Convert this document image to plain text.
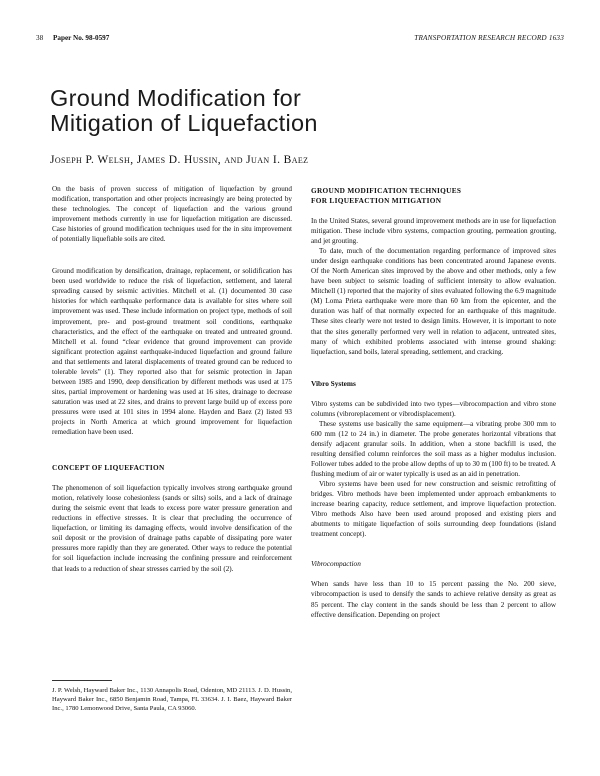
38 Paper No. 98-0597	TRANSPORTATION RESEARCH RECORD 1633
Ground Modification for
Mitigation of Liquefaction
Joseph P. Welsh, James D. Hussin, and Juan I. Baez

On the basis of proven success of mitigation of liquefaction by ground modification, transportation and other projects increasingly are being protected by these technologies. The concept of liquefaction and the various ground improvement methods currently in use for liquefaction mitigation are discussed. Case histories of ground modification techniques used for the in situ improvement of potentially liquefiable soils are cited.

Ground modification by densification, drainage, replacement, or solidification has been used worldwide to reduce the risk of liquefaction, settlement, and lateral spreading caused by seismic activities. Mitchell et al. (1) documented 30 case histories for which earthquake performance data is available for sites where soil improvement was used. These include information on project type, methods of soil improvement, pre- and post-ground treatment soil conditions, earthquake characteristics, and the effect of the earthquake on treated and untreated ground. Mitchell et al. found “clear evidence that ground improvement can provide significant protection against earthquake-induced liquefaction and ground failure and that settlements and lateral displacements of treated ground can be reduced to tolerable levels” (1). They reported also that for seismic protection in Japan between 1985 and 1990, deep densification by different methods was used at 175 sites, partial improvement or hardening was used at 16 sites, drainage to decrease saturation was used at 22 sites, and drains to prevent large build up of excess pore pressures were used at 101 sites in 1994 alone. Hayden and Baez (2) listed 93 projects in North America at which ground improvement for liquefaction remediation have been used.

CONCEPT OF LIQUEFACTION

The phenomenon of soil liquefaction typically involves strong earthquake ground motion, relatively loose cohesionless (sands or silts) soils, and a lack of drainage during the seismic event that leads to excess pore water pressure generation and reductions in effective stresses. It is clear that precluding the occurrence of liquefaction, or limiting its damaging effects, would involve densification of the soil deposit or the provision of drainage paths capable of dissipating pore water pressures more rapidly than they are generated. Other ways to reduce the potential for soil liquefaction include increasing the confining pressure and reinforcement that leads to a reduction of shear stresses carried by the soil (2).

J. P. Welsh, Hayward Baker Inc., 1130 Annapolis Road, Odenton, MD 21113. J. D. Hussin, Hayward Baker Inc., 6850 Benjamin Road, Tampa, FL 33634. J. I. Baez, Hayward Baker Inc., 1780 Lemonwood Drive, Santa Paula, CA 93060.
GROUND MODIFICATION TECHNIQUES
FOR LIQUEFACTION MITIGATION

In the United States, several ground improvement methods are in use for liquefaction mitigation. These include vibro systems, compaction grouting, permeation grouting, and jet grouting.

To date, much of the documentation regarding performance of improved sites under design earthquake conditions has been concentrated around Japanese events. Of the North American sites improved by the above and other methods, only a few have been subject to seismic loading of sufficient intensity to allow evaluation. Mitchell (1) reported that the majority of sites evaluated following the 6.9 magnitude (M) Loma Prieta earthquake were more than 60 km from the epicenter, and the duration was half of that normally expected for an earthquake of this magnitude. These sites clearly were not tested to design limits. However, it is important to note that the sites generally performed very well in relation to adjacent, untreated sites, many of which exhibited problems associated with intense ground shaking: liquefaction, sand boils, lateral spreading, settlement, and cracking.

Vibro Systems

Vibro systems can be subdivided into two types—vibrocompaction and vibro stone columns (vibroreplacement or vibrodisplacement).

These systems use basically the same equipment—a vibrating probe 300 mm to 600 mm (12 to 24 in.) in diameter. The probe generates horizontal vibrations that densify adjacent granular soils. In addition, when a stone backfill is used, the resulting densified column reinforces the soil mass as a higher modulus inclusion. Follower tubes added to the probe allow depths of up to 30 m (100 ft) to be treated. A flushing medium of air or water typically is used as an aid in penetration.

Vibro systems have been used for new construction and seismic retrofitting of bridges. Vibro methods have been implemented under approach embankments to increase bearing capacity, reduce settlement, and improve liquefaction protection. Vibro methods Also have been used around proposed and existing piers and abutments to mitigate liquefaction of soils surrounding deep foundations (island treatment concept).

Vibrocompaction

When sands have less than 10 to 15 percent passing the No. 200 sieve, vibrocompaction is used to densify the sands to achieve relative density as great as 85 percent. The clay content in the sands should be less than 2 percent to allow effective densification. Depending on project
